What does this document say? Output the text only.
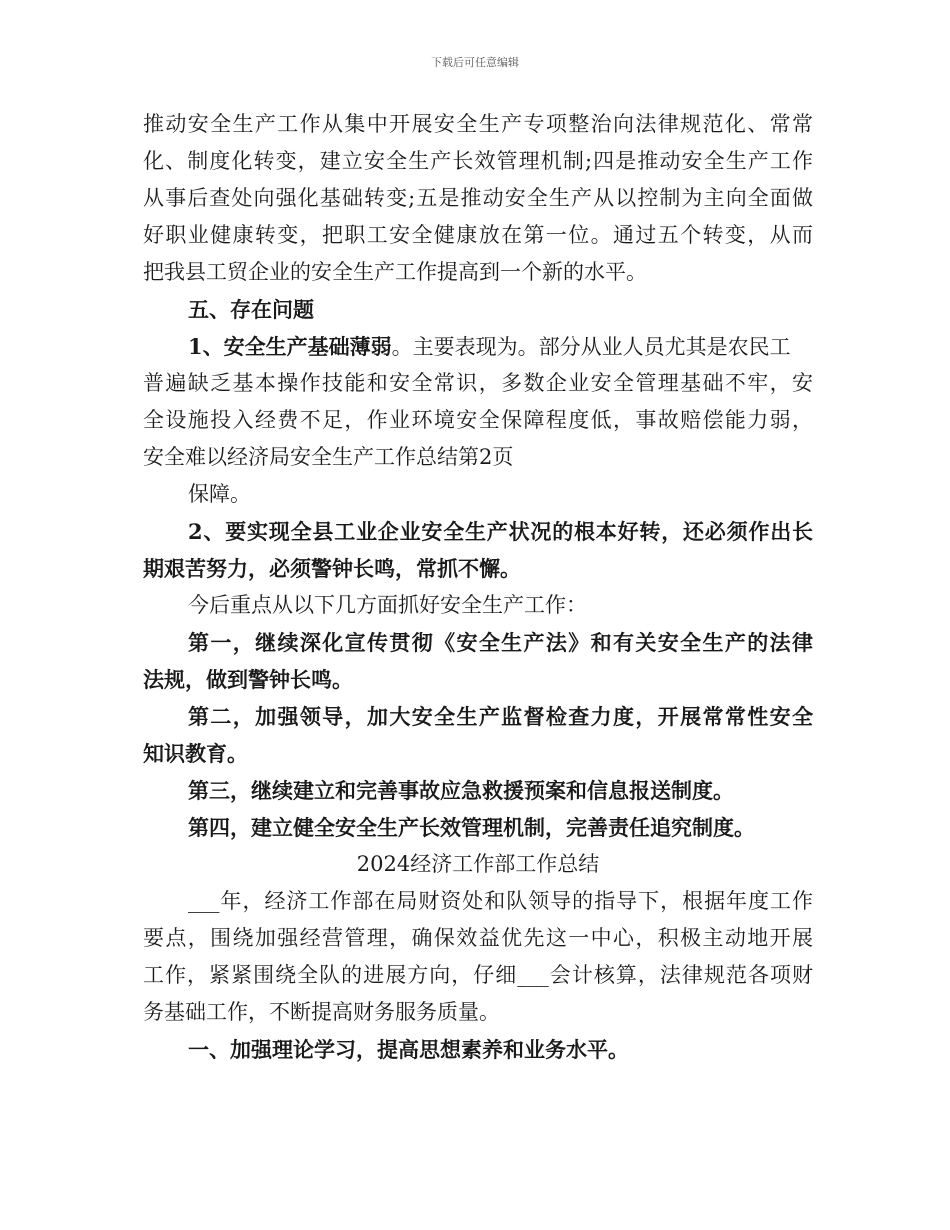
下载后可任意编辑
推动安全生产工作从集中开展安全生产专项整治向法律规范化、常常
化、制度化转变，建立安全生产长效管理机制;四是推动安全生产工作
从事后查处向强化基础转变;五是推动安全生产从以控制为主向全面做
好职业健康转变，把职工安全健康放在第一位。通过五个转变，从而
把我县工贸企业的安全生产工作提高到一个新的水平。
五、存在问题
1、安全生产基础薄弱。主要表现为。部分从业人员尤其是农民工
普遍缺乏基本操作技能和安全常识，多数企业安全管理基础不牢，安
全设施投入经费不足，作业环境安全保障程度低，事故赔偿能力弱，
安全难以经济局安全生产工作总结第2页
保障。
2、要实现全县工业企业安全生产状况的根本好转，还必须作出长
期艰苦努力，必须警钟长鸣，常抓不懈。
今后重点从以下几方面抓好安全生产工作：
第一，继续深化宣传贯彻《安全生产法》和有关安全生产的法律
法规，做到警钟长鸣。
第二，加强领导，加大安全生产监督检查力度，开展常常性安全
知识教育。
第三，继续建立和完善事故应急救援预案和信息报送制度。
第四，建立健全安全生产长效管理机制，完善责任追究制度。
2024经济工作部工作总结
___年，经济工作部在局财资处和队领导的指导下，根据年度工作
要点，围绕加强经营管理，确保效益优先这一中心，积极主动地开展
工作，紧紧围绕全队的进展方向，仔细___会计核算，法律规范各项财
务基础工作，不断提高财务服务质量。
一、加强理论学习，提高思想素养和业务水平。
